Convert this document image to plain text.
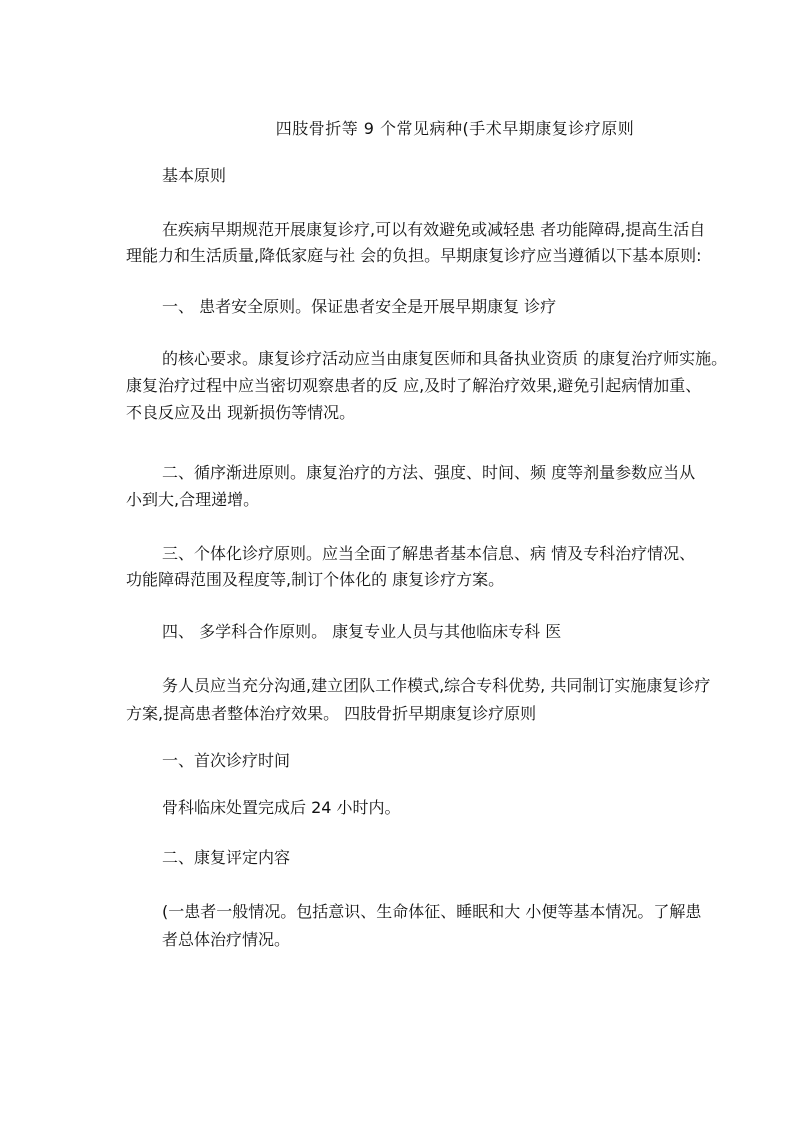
四肢骨折等 9 个常见病种(手术早期康复诊疗原则
基本原则
在疾病早期规范开展康复诊疗,可以有效避免或减轻患 者功能障碍,提高生活自
理能力和生活质量,降低家庭与社 会的负担。早期康复诊疗应当遵循以下基本原则:
一、 患者安全原则。保证患者安全是开展早期康复 诊疗
的核心要求。康复诊疗活动应当由康复医师和具备执业资质 的康复治疗师实施。
康复治疗过程中应当密切观察患者的反 应,及时了解治疗效果,避免引起病情加重、
不良反应及出 现新损伤等情况。
二、循序渐进原则。康复治疗的方法、强度、时间、频 度等剂量参数应当从
小到大,合理递增。
三、个体化诊疗原则。应当全面了解患者基本信息、病 情及专科治疗情况、
功能障碍范围及程度等,制订个体化的 康复诊疗方案。
四、 多学科合作原则。 康复专业人员与其他临床专科 医
务人员应当充分沟通,建立团队工作模式,综合专科优势, 共同制订实施康复诊疗
方案,提高患者整体治疗效果。 四肢骨折早期康复诊疗原则
一、首次诊疗时间
骨科临床处置完成后 24 小时内。
二、康复评定内容
(一患者一般情况。包括意识、生命体征、睡眠和大 小便等基本情况。了解患
者总体治疗情况。
